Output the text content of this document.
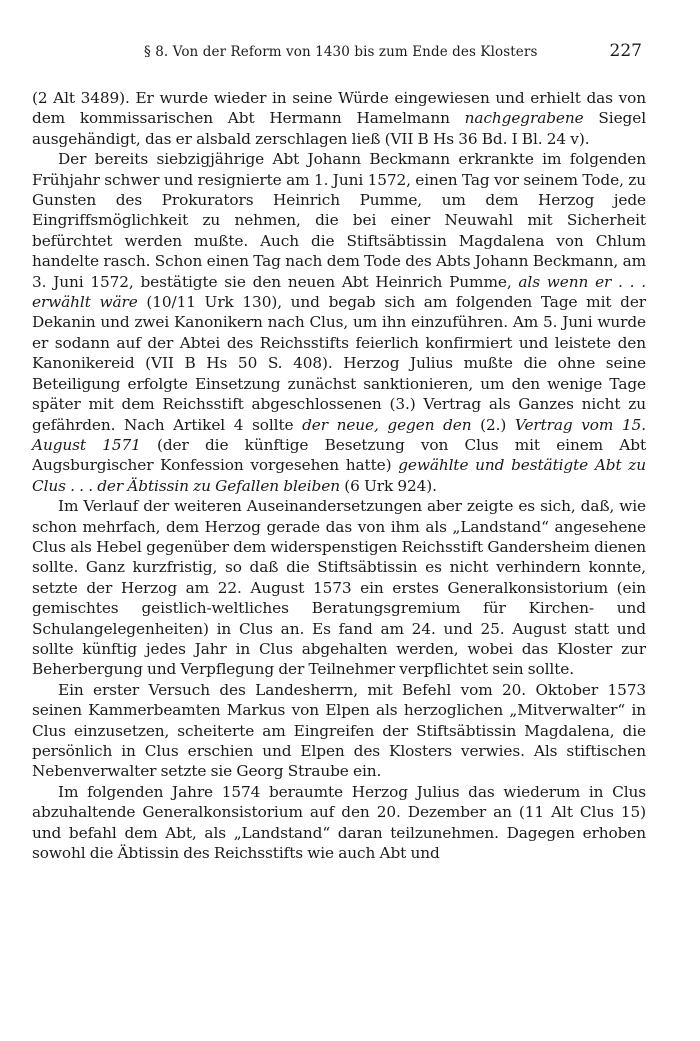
§ 8. Von der Reform von 1430 bis zum Ende des Klosters	227

(2 Alt 3489). Er wurde wieder in seine Würde eingewiesen und erhielt das von dem kommissarischen Abt Hermann Hamelmann nachgegrabene Siegel ausgehändigt, das er alsbald zerschlagen ließ (VII B Hs 36 Bd. I Bl. 24 v).

Der bereits siebzigjährige Abt Johann Beckmann erkrankte im folgenden Frühjahr schwer und resignierte am 1. Juni 1572, einen Tag vor seinem Tode, zu Gunsten des Prokurators Heinrich Pumme, um dem Herzog jede Eingriffsmöglichkeit zu nehmen, die bei einer Neuwahl mit Sicherheit befürchtet werden mußte. Auch die Stiftsäbtissin Magdalena von Chlum handelte rasch. Schon einen Tag nach dem Tode des Abts Johann Beckmann, am 3. Juni 1572, bestätigte sie den neuen Abt Heinrich Pumme, als wenn er . . . erwählt wäre (10/11 Urk 130), und begab sich am folgenden Tage mit der Dekanin und zwei Kanonikern nach Clus, um ihn einzuführen. Am 5. Juni wurde er sodann auf der Abtei des Reichsstifts feierlich konfirmiert und leistete den Kanonikereid (VII B Hs 50 S. 408). Herzog Julius mußte die ohne seine Beteiligung erfolgte Einsetzung zunächst sanktionieren, um den wenige Tage später mit dem Reichsstift abgeschlossenen (3.) Vertrag als Ganzes nicht zu gefährden. Nach Artikel 4 sollte der neue, gegen den (2.) Vertrag vom 15. August 1571 (der die künftige Besetzung von Clus mit einem Abt Augsburgischer Konfession vorgesehen hatte) gewählte und bestätigte Abt zu Clus . . . der Äbtissin zu Gefallen bleiben (6 Urk 924).

Im Verlauf der weiteren Auseinandersetzungen aber zeigte es sich, daß, wie schon mehrfach, dem Herzog gerade das von ihm als „Landstand“ angesehene Clus als Hebel gegenüber dem widerspenstigen Reichsstift Gandersheim dienen sollte. Ganz kurzfristig, so daß die Stiftsäbtissin es nicht verhindern konnte, setzte der Herzog am 22. August 1573 ein erstes Generalkonsistorium (ein gemischtes geistlich-weltliches Beratungsgremium für Kirchen- und Schulangelegenheiten) in Clus an. Es fand am 24. und 25. August statt und sollte künftig jedes Jahr in Clus abgehalten werden, wobei das Kloster zur Beherbergung und Verpflegung der Teilnehmer verpflichtet sein sollte.

Ein erster Versuch des Landesherrn, mit Befehl vom 20. Oktober 1573 seinen Kammerbeamten Markus von Elpen als herzoglichen „Mitverwalter“ in Clus einzusetzen, scheiterte am Eingreifen der Stiftsäbtissin Magdalena, die persönlich in Clus erschien und Elpen des Klosters verwies. Als stiftischen Nebenverwalter setzte sie Georg Straube ein.

Im folgenden Jahre 1574 beraumte Herzog Julius das wiederum in Clus abzuhaltende Generalkonsistorium auf den 20. Dezember an (11 Alt Clus 15) und befahl dem Abt, als „Landstand“ daran teilzunehmen. Dagegen erhoben sowohl die Äbtissin des Reichsstifts wie auch Abt und
